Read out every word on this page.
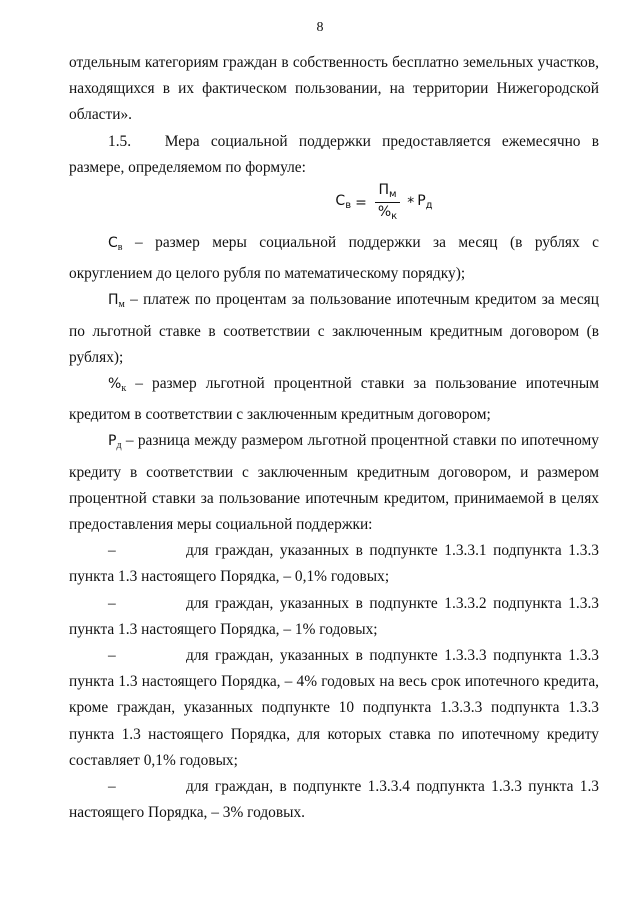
8

отдельным категориям граждан в собственность бесплатно земельных участков, находящихся в их фактическом пользовании, на территории Нижегородской области».

1.5.   Мера социальной поддержки предоставляется ежемесячно в размере, определяемом по формуле:

$С_в = \frac{П_м}{\%_к} * Р_д$

$С_в$ – размер меры социальной поддержки за месяц (в рублях с округлением до целого рубля по математическому порядку);

$П_м$ – платеж по процентам за пользование ипотечным кредитом за месяц по льготной ставке в соответствии с заключенным кредитным договором (в рублях);

$\%_к$ – размер льготной процентной ставки за пользование ипотечным кредитом в соответствии с заключенным кредитным договором;

$Р_д$ – разница между размером льготной процентной ставки по ипотечному кредиту в соответствии с заключенным кредитным договором, и размером процентной ставки за пользование ипотечным кредитом, принимаемой в целях предоставления меры социальной поддержки:

–	для граждан, указанных в подпункте 1.3.3.1 подпункта 1.3.3 пункта 1.3 настоящего Порядка, – 0,1% годовых;

–	для граждан, указанных в подпункте 1.3.3.2 подпункта 1.3.3 пункта 1.3 настоящего Порядка, – 1% годовых;

–	для граждан, указанных в подпункте 1.3.3.3 подпункта 1.3.3 пункта 1.3 настоящего Порядка, – 4% годовых на весь срок ипотечного кредита, кроме граждан, указанных подпункте 10 подпункта 1.3.3.3 подпункта 1.3.3 пункта 1.3 настоящего Порядка, для которых ставка по ипотечному кредиту составляет 0,1% годовых;

–	для граждан, в подпункте 1.3.3.4 подпункта 1.3.3 пункта 1.3 настоящего Порядка, – 3% годовых.
